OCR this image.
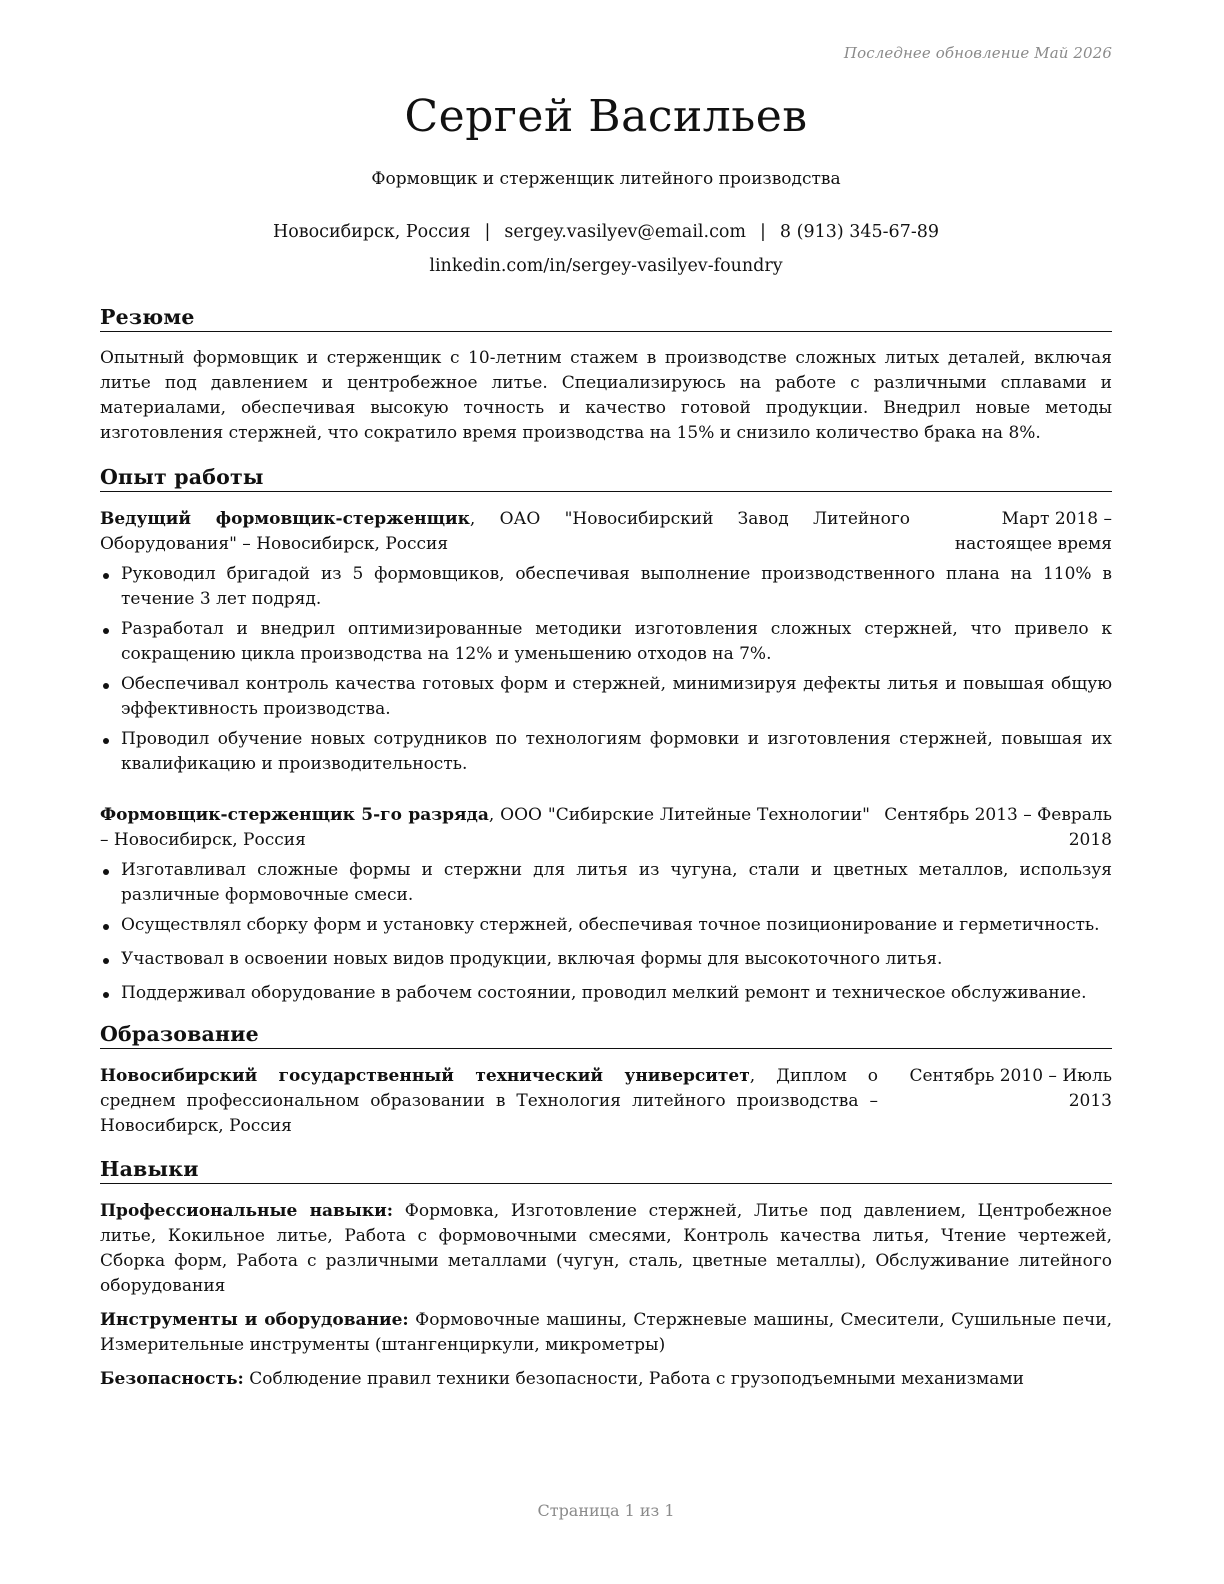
Последнее обновление Май 2026
Сергей Васильев
Формовщик и стерженщик литейного производства
Новосибирск, Россия | sergey.vasilyev@email.com | 8 (913) 345-67-89
linkedin.com/in/sergey-vasilyev-foundry
Резюме

Опытный формовщик и стерженщик с 10-летним стажем в производстве сложных литых деталей, включая литье под давлением и центробежное литье. Специализируюсь на работе с различными сплавами и материалами, обеспечивая высокую точность и качество готовой продукции. Внедрил новые методы изготовления стержней, что сократило время производства на 15% и снизило количество брака на 8%.

Опыт работы
Ведущий формовщик-стерженщик, ОАО "Новосибирский Завод Литейного Оборудования" – Новосибирск, Россия
Март 2018 – настоящее время
Руководил бригадой из 5 формовщиков, обеспечивая выполнение производственного плана на 110% в течение 3 лет подряд.
Разработал и внедрил оптимизированные методики изготовления сложных стержней, что привело к сокращению цикла производства на 12% и уменьшению отходов на 7%.
Обеспечивал контроль качества готовых форм и стержней, минимизируя дефекты литья и повышая общую эффективность производства.
Проводил обучение новых сотрудников по технологиям формовки и изготовления стержней, повышая их квалификацию и производительность.
Формовщик-стерженщик 5-го разряда, ООО "Сибирские Литейные Технологии" – Новосибирск, Россия
Сентябрь 2013 – Февраль 2018
Изготавливал сложные формы и стержни для литья из чугуна, стали и цветных металлов, используя различные формовочные смеси.
Осуществлял сборку форм и установку стержней, обеспечивая точное позиционирование и герметичность.
Участвовал в освоении новых видов продукции, включая формы для высокоточного литья.
Поддерживал оборудование в рабочем состоянии, проводил мелкий ремонт и техническое обслуживание.
Образование
Новосибирский государственный технический университет, Диплом о среднем профессиональном образовании в Технология литейного производства – Новосибирск, Россия
Сентябрь 2010 – Июль 2013
Навыки

Профессиональные навыки: Формовка, Изготовление стержней, Литье под давлением, Центробежное литье, Кокильное литье, Работа с формовочными смесями, Контроль качества литья, Чтение чертежей, Сборка форм, Работа с различными металлами (чугун, сталь, цветные металлы), Обслуживание литейного оборудования

Инструменты и оборудование: Формовочные машины, Стержневые машины, Смесители, Сушильные печи, Измерительные инструменты (штангенциркули, микрометры)

Безопасность: Соблюдение правил техники безопасности, Работа с грузоподъемными механизмами

Страница 1 из 1
